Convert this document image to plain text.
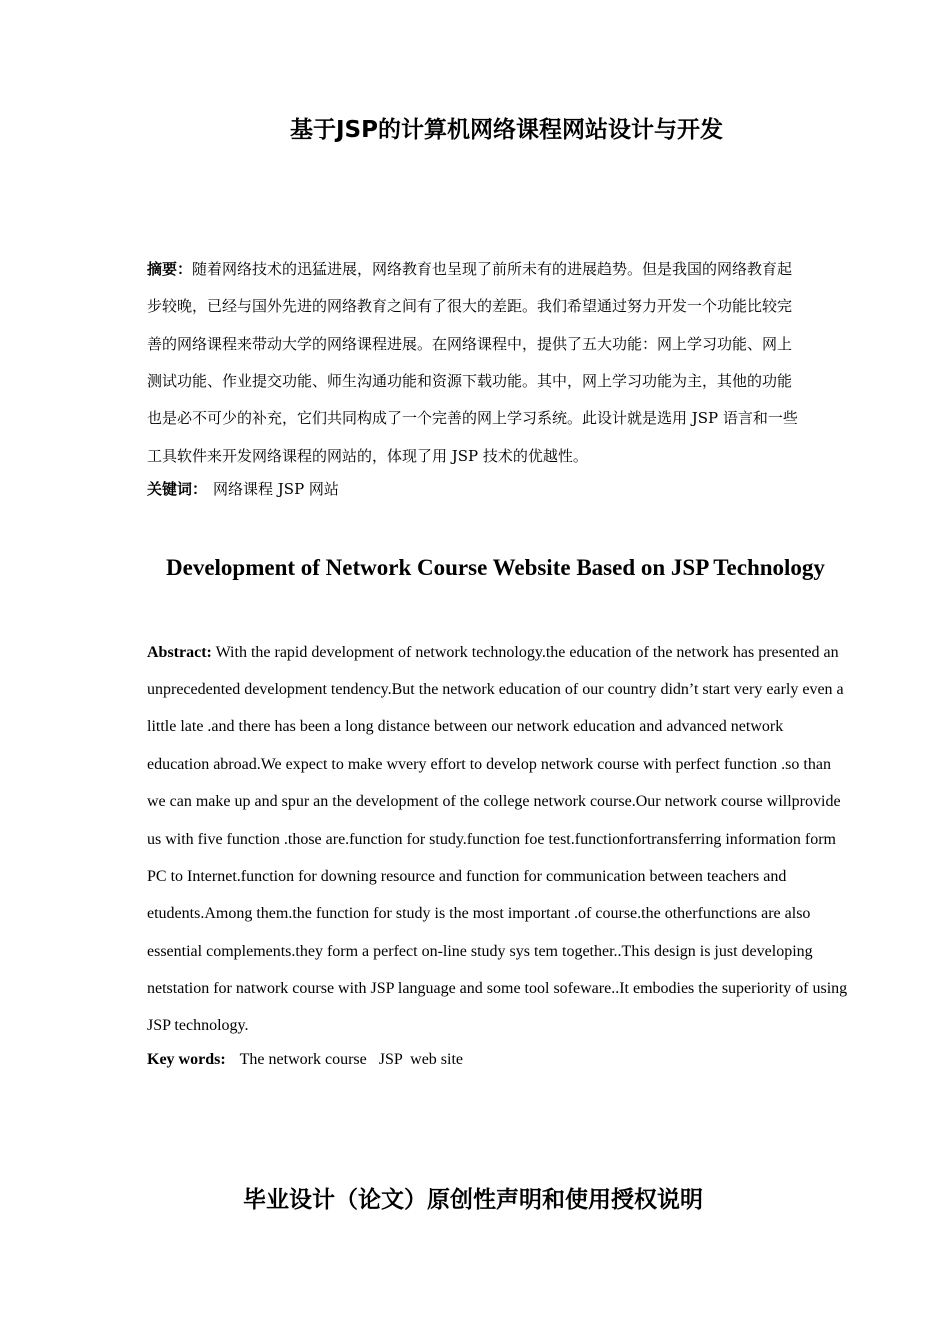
基于JSP的计算机网络课程网站设计与开发
摘要：随着网络技术的迅猛进展，网络教育也呈现了前所未有的进展趋势。但是我国的网络教育起
步较晚，已经与国外先进的网络教育之间有了很大的差距。我们希望通过努力开发一个功能比较完
善的网络课程来带动大学的网络课程进展。在网络课程中，提供了五大功能：网上学习功能、网上
测试功能、作业提交功能、师生沟通功能和资源下载功能。其中，网上学习功能为主，其他的功能
也是必不可少的补充，它们共同构成了一个完善的网上学习系统。此设计就是选用 JSP 语言和一些
工具软件来开发网络课程的网站的，体现了用 JSP 技术的优越性。
关键词： 网络课程 JSP 网站
Development of Network Course Website Based on JSP Technology
Abstract: With the rapid development of network technology.the education of the network has presented an
unprecedented development tendency.But the network education of our country didn’t start very early even a
little late .and there has been a long distance between our network education and advanced network
education abroad.We expect to make wvery effort to develop network course with perfect function .so than
we can make up and spur an the development of the college network course.Our network course willprovide
us with five function .those are.function for study.function foe test.functionfortransferring information form
PC to Internet.function for downing resource and function for communication between teachers and
etudents.Among them.the function for study is the most important .of course.the otherfunctions are also
essential complements.they form a perfect on-line study sys tem together..This design is just developing
netstation for natwork course with JSP language and some tool sofeware..It embodies the superiority of using
JSP technology.
Key words: The network course   JSP  web site
毕业设计（论文）原创性声明和使用授权说明
